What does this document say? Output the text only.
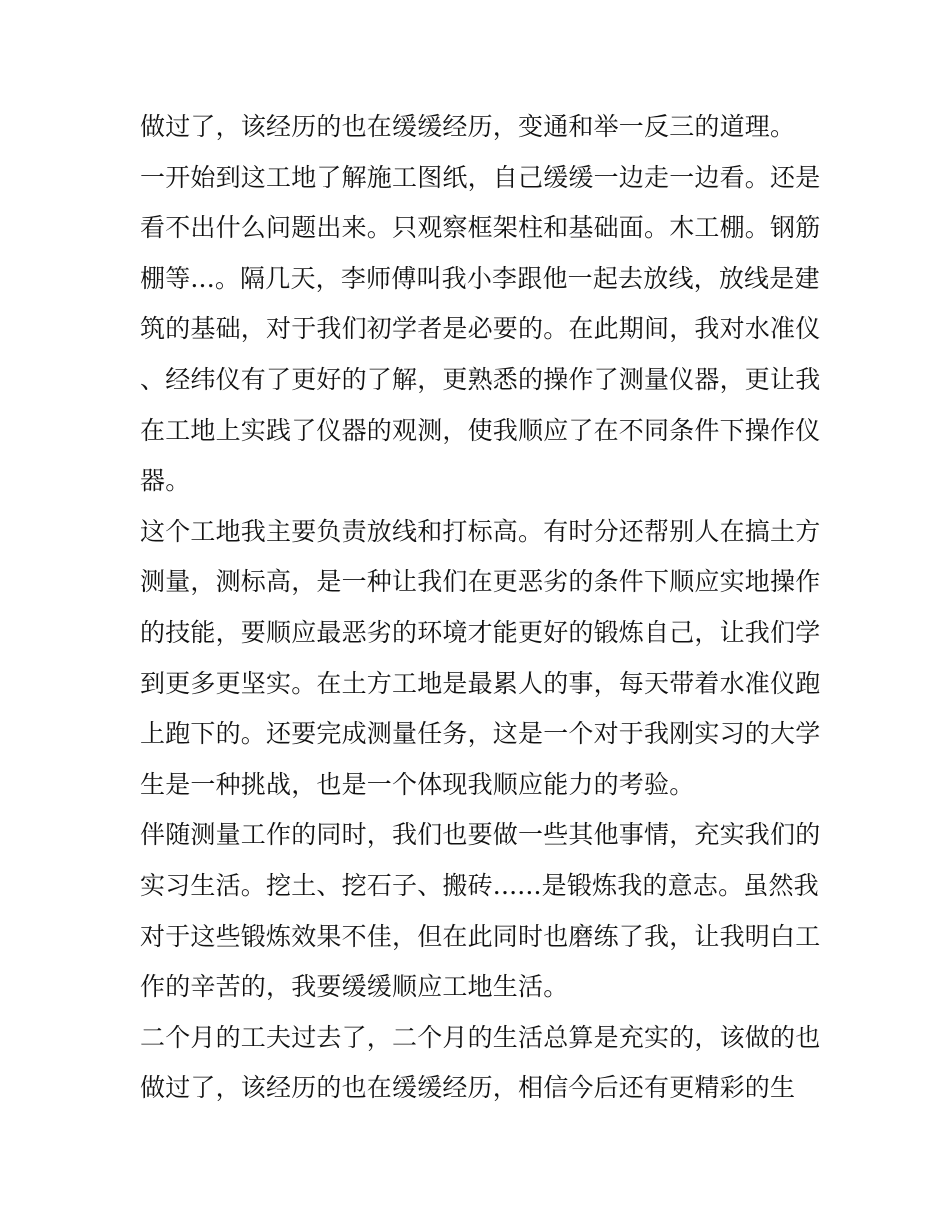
做过了，该经历的也在缓缓经历，变通和举一反三的道理。
一开始到这工地了解施工图纸，自己缓缓一边走一边看。还是
看不出什么问题出来。只观察框架柱和基础面。木工棚。钢筋
棚等...。隔几天，李师傅叫我小李跟他一起去放线，放线是建
筑的基础，对于我们初学者是必要的。在此期间，我对水准仪
、经纬仪有了更好的了解，更熟悉的操作了测量仪器，更让我
在工地上实践了仪器的观测，使我顺应了在不同条件下操作仪
器。
这个工地我主要负责放线和打标高。有时分还帮别人在搞土方
测量，测标高，是一种让我们在更恶劣的条件下顺应实地操作
的技能，要顺应最恶劣的环境才能更好的锻炼自己，让我们学
到更多更坚实。在土方工地是最累人的事，每天带着水准仪跑
上跑下的。还要完成测量任务，这是一个对于我刚实习的大学
生是一种挑战，也是一个体现我顺应能力的考验。
伴随测量工作的同时，我们也要做一些其他事情，充实我们的
实习生活。挖土、挖石子、搬砖......是锻炼我的意志。虽然我
对于这些锻炼效果不佳，但在此同时也磨练了我，让我明白工
作的辛苦的，我要缓缓顺应工地生活。
二个月的工夫过去了，二个月的生活总算是充实的，该做的也
做过了，该经历的也在缓缓经历，相信今后还有更精彩的生
